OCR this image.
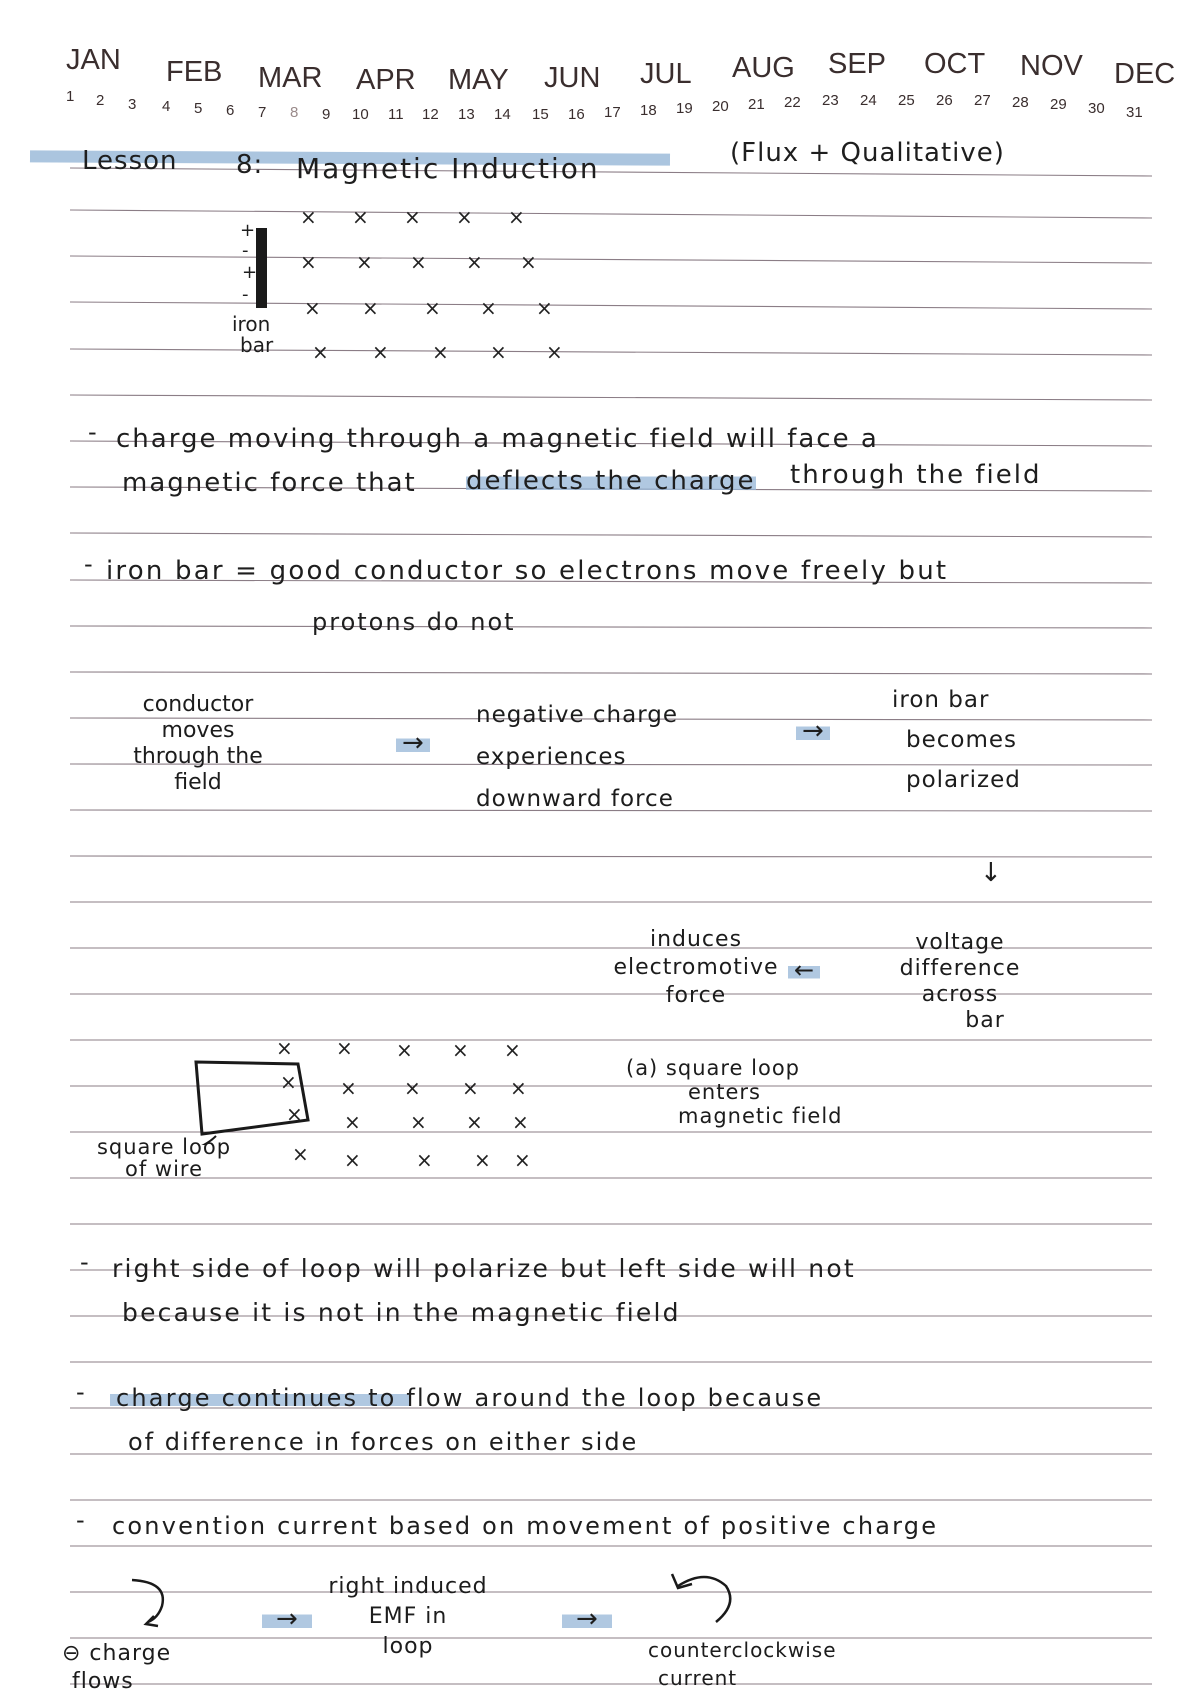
JAN FEB MAR APR MAY JUN JUL AUG SEP OCT NOV DEC
1 2 3 4 5 6 7 8 9 10 11 12 13 14 15 16 17 18 19 20 21 22 23 24 25 26 27 28 29 30 31
Lesson 8: Magnetic Induction	(Flux + Qualitative)
+
-
+
-
iron
bar
× × × × ×
× × × × ×
× × × × ×
× × × × ×
- charge moving through a magnetic field will face a
magnetic force that deflects the charge through the field
- iron bar = good conductor so electrons move freely but
protons do not
conductor
moves
through the
field
→
negative charge
experiences
downward force
→
iron bar
becomes
polarized
↓
voltage
difference
across
bar
←
induces
electromotive
force
square loop
of wire
× × × × ×
× × × × ×
× × × × ×
× ×	× × ×
(a) square loop
enters
magnetic field
- right side of loop will polarize but left side will not
because it is not in the magnetic field
- charge continues to flow around the loop because
of difference in forces on either side
- convention current based on movement of positive charge
⊖ charge
flows
→
right induced
EMF in
loop
→
counterclockwise
current
